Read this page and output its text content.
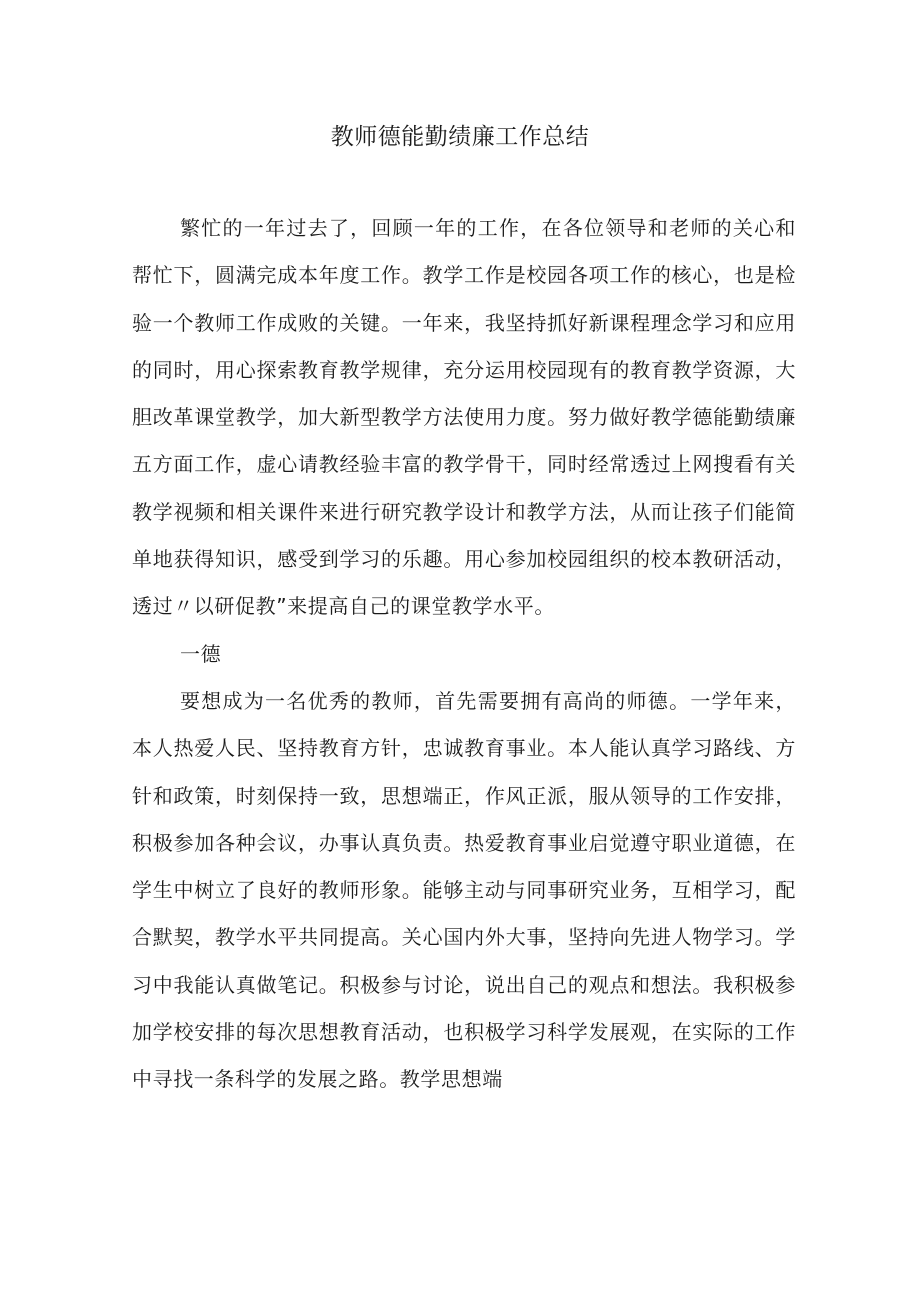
教师德能勤绩廉工作总结

繁忙的一年过去了，回顾一年的工作，在各位领导和老师的关心和帮忙下，圆满完成本年度工作。教学工作是校园各项工作的核心，也是检验一个教师工作成败的关键。一年来，我坚持抓好新课程理念学习和应用的同时，用心探索教育教学规律，充分运用校园现有的教育教学资源，大胆改革课堂教学，加大新型教学方法使用力度。努力做好教学德能勤绩廉五方面工作，虚心请教经验丰富的教学骨干，同时经常透过上网搜看有关教学视频和相关课件来进行研究教学设计和教学方法，从而让孩子们能简单地获得知识，感受到学习的乐趣。用心参加校园组织的校本教研活动，透过〃以研促教”来提高自己的课堂教学水平。

一德

要想成为一名优秀的教师，首先需要拥有高尚的师德。一学年来，本人热爱人民、坚持教育方针，忠诚教育事业。本人能认真学习路线、方针和政策，时刻保持一致，思想端正，作风正派，服从领导的工作安排，积极参加各种会议，办事认真负责。热爱教育事业启觉遵守职业道德，在学生中树立了良好的教师形象。能够主动与同事研究业务，互相学习，配合默契，教学水平共同提高。关心国内外大事，坚持向先进人物学习。学习中我能认真做笔记。积极参与讨论，说出自己的观点和想法。我积极参加学校安排的每次思想教育活动，也积极学习科学发展观，在实际的工作中寻找一条科学的发展之路。教学思想端
